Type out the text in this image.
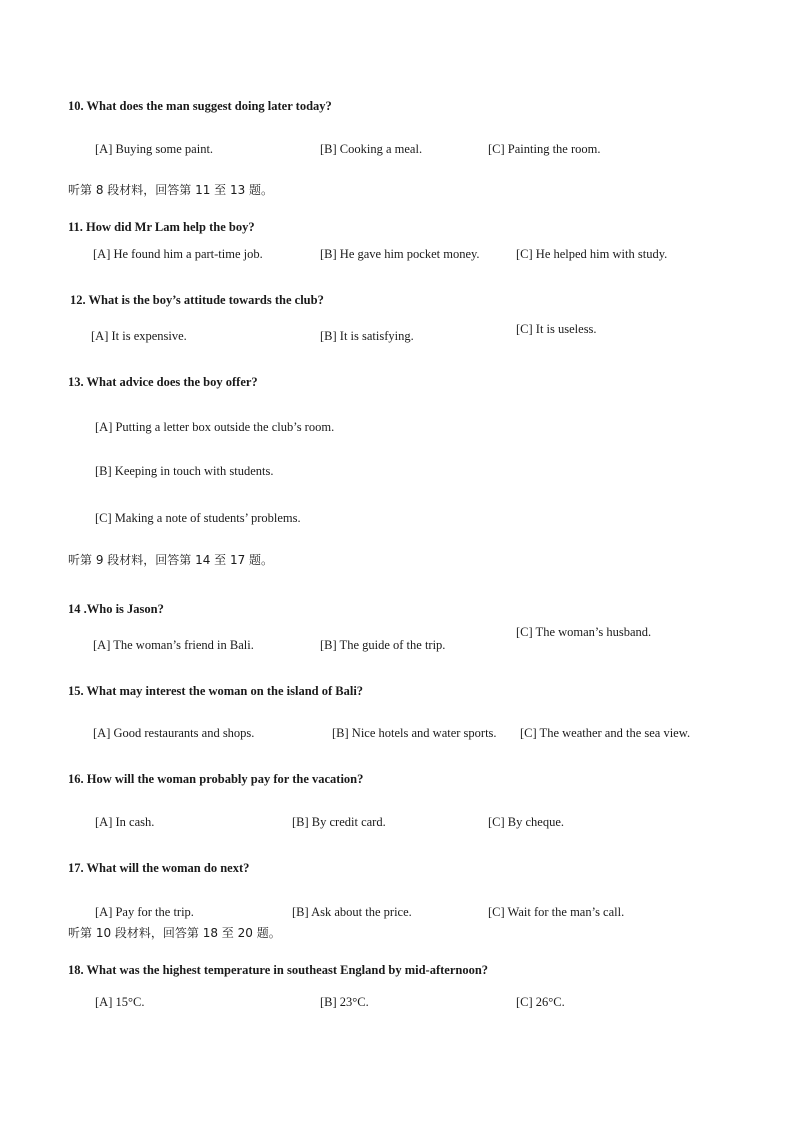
10. What does the man suggest doing later today?
[A] Buying some paint.	[B] Cooking a meal.	[C] Painting the room.
听第 8 段材料，回答第 11 至 13 题。
11. How did Mr Lam help the boy?
[A] He found him a part-time job.	[B] He gave him pocket money.	[C] He helped him with study.
12. What is the boy’s attitude towards the club?
[A] It is expensive.	[B] It is satisfying.	[C] It is useless.
13. What advice does the boy offer?
[A] Putting a letter box outside the club’s room.
[B] Keeping in touch with students.
[C] Making a note of students’ problems.
听第 9 段材料，回答第 14 至 17 题。
14 .Who is Jason?
[A] The woman’s friend in Bali.	[B] The guide of the trip.
[C] The woman’s husband.
15. What may interest the woman on the island of Bali?
[A] Good restaurants and shops.	[B] Nice hotels and water sports. [C] The weather and the sea view.
16. How will the woman probably pay for the vacation?
[A] In cash.	[B] By credit card.	[C] By cheque.
17. What will the woman do next?
[A] Pay for the trip.	[B] Ask about the price.	[C] Wait for the man’s call.
听第 10 段材料，回答第 18 至 20 题。
18. What was the highest temperature in southeast England by mid-afternoon?
[A] 15°C.	[B] 23°C.	[C] 26°C.
